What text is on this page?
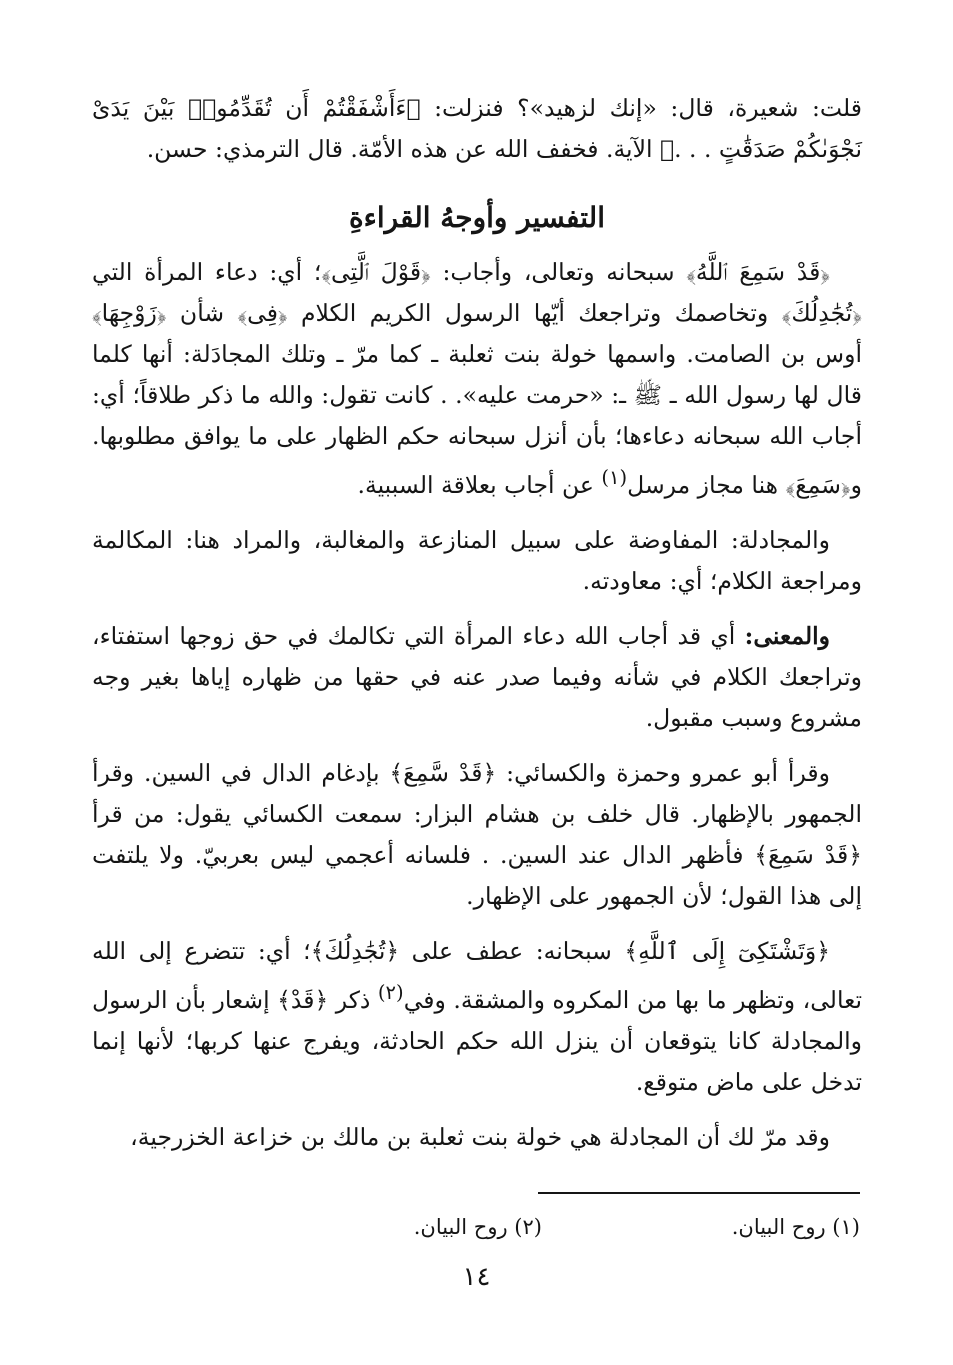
قلت: شعيرة، قال: «إنك لزهيد»؟ فنزلت: ﴿ءَأَشْفَقْتُمْ أَن تُقَدِّمُوا۟ بَيْنَ يَدَىْ نَجْوَىٰكُمْ صَدَقَٰتٍ . . .﴾ الآية. فخفف الله عن هذه الأمّة. قال الترمذي: حسن.

التفسير وأوجهُ القراءةِ

﴿قَدْ سَمِعَ ٱللَّهُ﴾ سبحانه وتعالى، وأجاب: ﴿قَوْلَ ٱلَّتِى﴾؛ أي: دعاء المرأة التي ﴿تُجَٰدِلُكَ﴾ وتخاصمك وتراجعك أيّها الرسول الكريم الكلام ﴿فِى﴾ شأن ﴿زَوْجِهَا﴾ أوس بن الصامت. واسمها خولة بنت ثعلبة ـ كما مرّ ـ وتلك المجادَلة: أنها كلما قال لها رسول الله ـ ﷺ ـ: «حرمت عليه». . كانت تقول: والله ما ذكر طلاقاً؛ أي: أجاب الله سبحانه دعاءها؛ بأن أنزل سبحانه حكم الظهار على ما يوافق مطلوبها. و﴿سَمِعَ﴾ هنا مجاز مرسل$^{(١)}$ عن أجاب بعلاقة السببية.

والمجادلة: المفاوضة على سبيل المنازعة والمغالبة، والمراد هنا: المكالمة ومراجعة الكلام؛ أي: معاودته.

والمعنى: أي قد أجاب الله دعاء المرأة التي تكالمك في حق زوجها استفتاء، وتراجعك الكلام في شأنه وفيما صدر عنه في حقها من ظهاره إياها بغير وجه مشروع وسبب مقبول.

وقرأ أبو عمرو وحمزة والكسائي: ﴿قَدْ سَّمِعَ﴾ بإدغام الدال في السين. وقرأ الجمهور بالإظهار. قال خلف بن هشام البزار: سمعت الكسائي يقول: من قرأ ﴿قَدْ سَمِعَ﴾ فأظهر الدال عند السين. . فلسانه أعجمي ليس بعربيّ. ولا يلتفت إلى هذا القول؛ لأن الجمهور على الإظهار.

﴿وَتَشْتَكِىٓ إِلَى ٱللَّهِ﴾ سبحانه: عطف على ﴿تُجَٰدِلُكَ﴾؛ أي: تتضرع إلى الله تعالى، وتظهر ما بها من المكروه والمشقة. وفي$^{(٢)}$ ذكر ﴿قَدْ﴾ إشعار بأن الرسول والمجادلة كانا يتوقعان أن ينزل الله حكم الحادثة، ويفرج عنها كربها؛ لأنها إنما تدخل على ماض متوقع.

وقد مرّ لك أن المجادلة هي خولة بنت ثعلبة بن مالك بن خزاعة الخزرجية،

(١) روح البيان.
(٢) روح البيان.
١٤
